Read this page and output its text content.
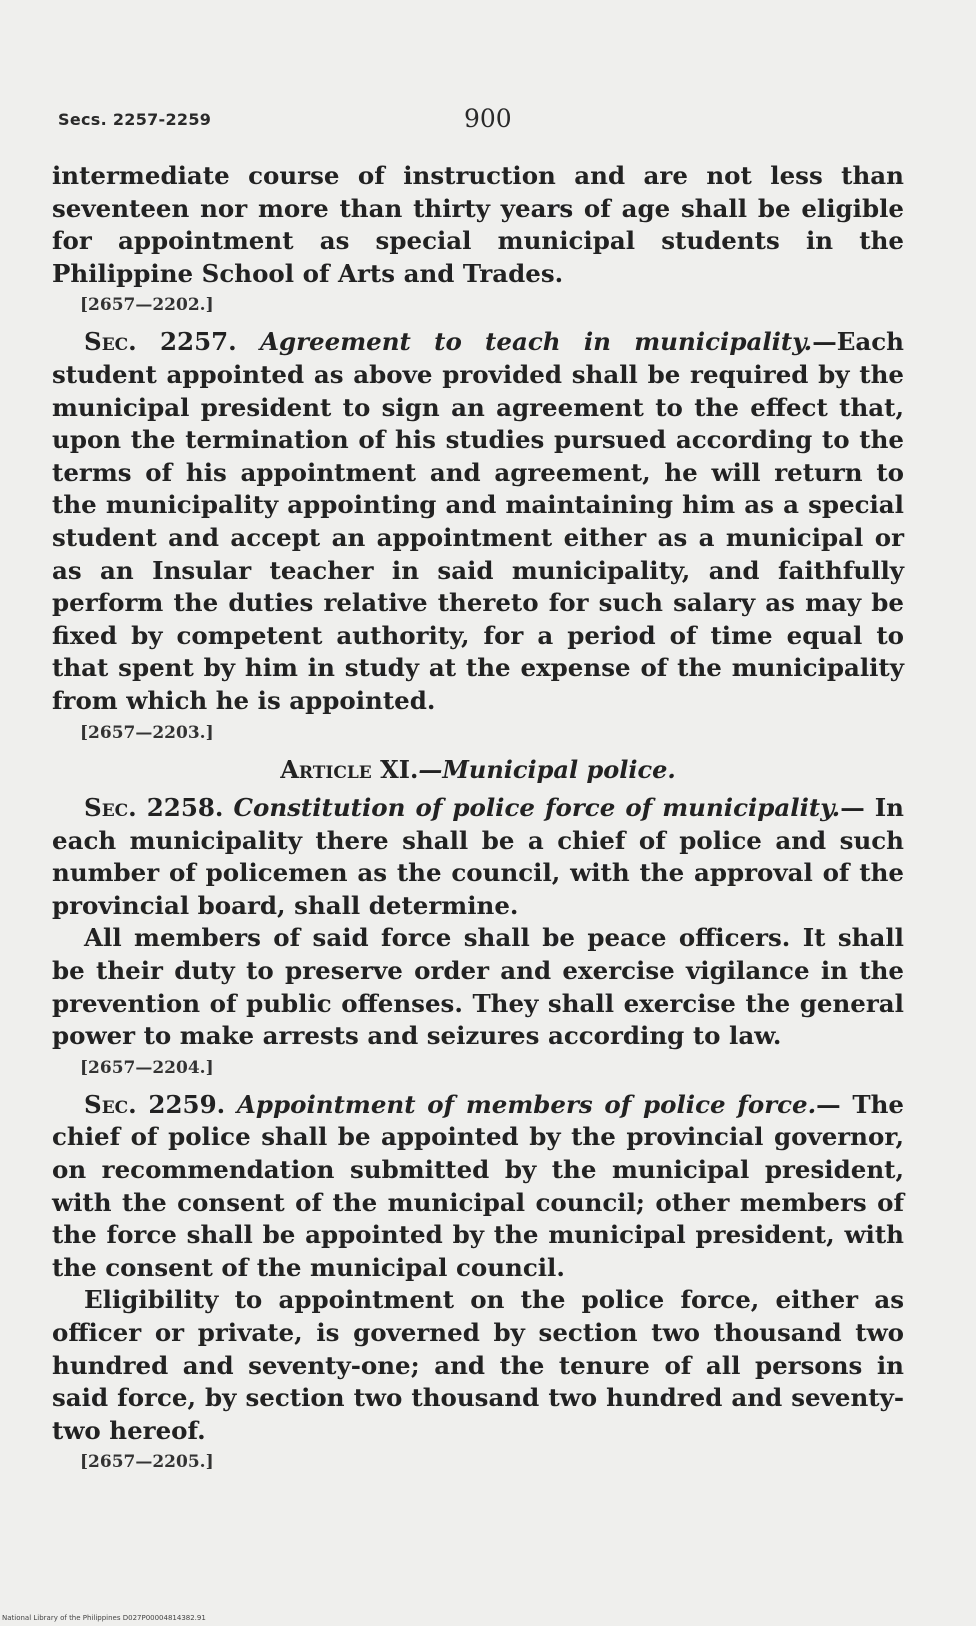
Secs. 2257-2259	900

intermediate course of instruction and are not less than seventeen nor more than thirty years of age shall be eligible for appointment as special municipal students in the Philippine School of Arts and Trades.

[2657—2202.]

Sec. 2257. Agreement to teach in municipality.—Each student appointed as above provided shall be required by the municipal president to sign an agreement to the effect that, upon the termination of his studies pursued according to the terms of his appointment and agreement, he will return to the municipality appointing and maintaining him as a special student and accept an appointment either as a municipal or as an Insular teacher in said municipality, and faithfully perform the duties relative thereto for such salary as may be fixed by competent authority, for a period of time equal to that spent by him in study at the expense of the municipality from which he is appointed.

[2657—2203.]

Article XI.—Municipal police.

Sec. 2258. Constitution of police force of municipality.— In each municipality there shall be a chief of police and such number of policemen as the council, with the approval of the provincial board, shall determine.

All members of said force shall be peace officers. It shall be their duty to preserve order and exercise vigilance in the prevention of public offenses. They shall exercise the general power to make arrests and seizures according to law.

[2657—2204.]

Sec. 2259. Appointment of members of police force.— The chief of police shall be appointed by the provincial governor, on recommendation submitted by the municipal president, with the consent of the municipal council; other members of the force shall be appointed by the municipal president, with the consent of the municipal council.

Eligibility to appointment on the police force, either as officer or private, is governed by section two thousand two hundred and seventy-one; and the tenure of all persons in said force, by section two thousand two hundred and seventy-two hereof.

[2657—2205.]

National Library of the Philippines D027P00004814382.91
